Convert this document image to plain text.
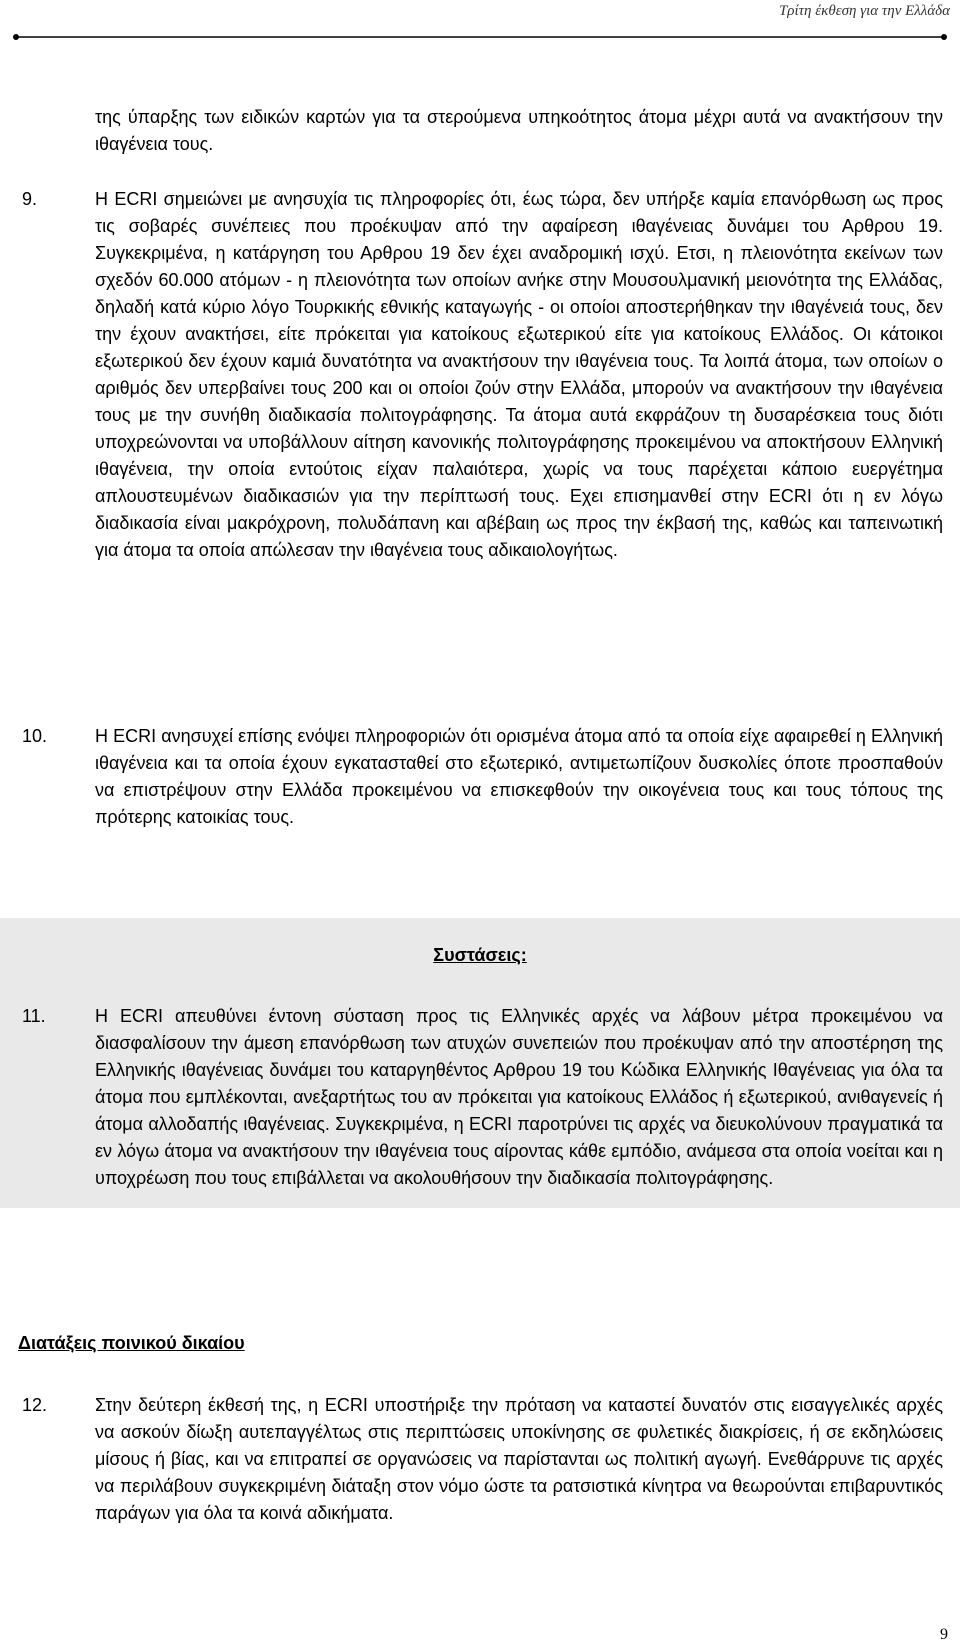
Τρίτη έκθεση για την Ελλάδα
της ύπαρξης των ειδικών καρτών για τα στερούμενα υπηκοότητος άτομα μέχρι αυτά να ανακτήσουν την ιθαγένεια τους.
9.	Η ECRI σημειώνει με ανησυχία τις πληροφορίες ότι, έως τώρα, δεν υπήρξε καμία επανόρθωση ως προς τις σοβαρές συνέπειες που προέκυψαν από την αφαίρεση ιθαγένειας δυνάμει του Αρθρου 19. Συγκεκριμένα, η κατάργηση του Αρθρου 19 δεν έχει αναδρομική ισχύ. Ετσι, η πλειονότητα εκείνων των σχεδόν 60.000 ατόμων - η πλειονότητα των οποίων ανήκε στην Μουσουλμανική μειονότητα της Ελλάδας, δηλαδή κατά κύριο λόγο Τουρκικής εθνικής καταγωγής - οι οποίοι αποστερήθηκαν την ιθαγένειά τους, δεν την έχουν ανακτήσει, είτε πρόκειται για κατοίκους εξωτερικού είτε για κατοίκους Ελλάδος. Οι κάτοικοι εξωτερικού δεν έχουν καμιά δυνατότητα να ανακτήσουν την ιθαγένεια τους. Τα λοιπά άτομα, των οποίων ο αριθμός δεν υπερβαίνει τους 200 και οι οποίοι ζούν στην Ελλάδα, μπορούν να ανακτήσουν την ιθαγένεια τους με την συνήθη διαδικασία πολιτογράφησης. Τα άτομα αυτά εκφράζουν τη δυσαρέσκεια τους διότι υποχρεώνονται να υποβάλλουν αίτηση κανονικής πολιτογράφησης προκειμένου να αποκτήσουν Ελληνική ιθαγένεια, την οποία εντούτοις είχαν παλαιότερα, χωρίς να τους παρέχεται κάποιο ευεργέτημα απλουστευμένων διαδικασιών για την περίπτωσή τους. Εχει επισημανθεί στην ECRI ότι η εν λόγω διαδικασία είναι μακρόχρονη, πολυδάπανη και αβέβαιη ως προς την έκβασή της, καθώς και ταπεινωτική για άτομα τα οποία απώλεσαν την ιθαγένεια τους αδικαιολογήτως.
10.	Η ECRI ανησυχεί επίσης ενόψει πληροφοριών ότι ορισμένα άτομα από τα οποία είχε αφαιρεθεί η Ελληνική ιθαγένεια και τα οποία έχουν εγκατασταθεί στο εξωτερικό, αντιμετωπίζουν δυσκολίες όποτε προσπαθούν να επιστρέψουν στην Ελλάδα προκειμένου να επισκεφθούν την οικογένεια τους και τους τόπους της πρότερης κατοικίας τους.
Συστάσεις:
11.	Η ECRI απευθύνει έντονη σύσταση προς τις Ελληνικές αρχές να λάβουν μέτρα προκειμένου να διασφαλίσουν την άμεση επανόρθωση των ατυχών συνεπειών που προέκυψαν από την αποστέρηση της Ελληνικής ιθαγένειας δυνάμει του καταργηθέντος Αρθρου 19 του Κώδικα Ελληνικής Ιθαγένειας για όλα τα άτομα που εμπλέκονται, ανεξαρτήτως του αν πρόκειται για κατοίκους Ελλάδος ή εξωτερικού, ανιθαγενείς ή άτομα αλλοδαπής ιθαγένειας. Συγκεκριμένα, η ECRI παροτρύνει τις αρχές να διευκολύνουν πραγματικά τα εν λόγω άτομα να ανακτήσουν την ιθαγένεια τους αίροντας κάθε εμπόδιο, ανάμεσα στα οποία νοείται και η υποχρέωση που τους επιβάλλεται να ακολουθήσουν την διαδικασία πολιτογράφησης.
Διατάξεις ποινικού δικαίου
12.	Στην δεύτερη έκθεσή της, η ECRI υποστήριξε την πρόταση να καταστεί δυνατόν στις εισαγγελικές αρχές να ασκούν δίωξη αυτεπαγγέλτως στις περιπτώσεις υποκίνησης σε φυλετικές διακρίσεις, ή σε εκδηλώσεις μίσους ή βίας, και να επιτραπεί σε οργανώσεις να παρίστανται ως πολιτική αγωγή. Ενεθάρρυνε τις αρχές να περιλάβουν συγκεκριμένη διάταξη στον νόμο ώστε τα ρατσιστικά κίνητρα να θεωρούνται επιβαρυντικός παράγων για όλα τα κοινά αδικήματα.
9
